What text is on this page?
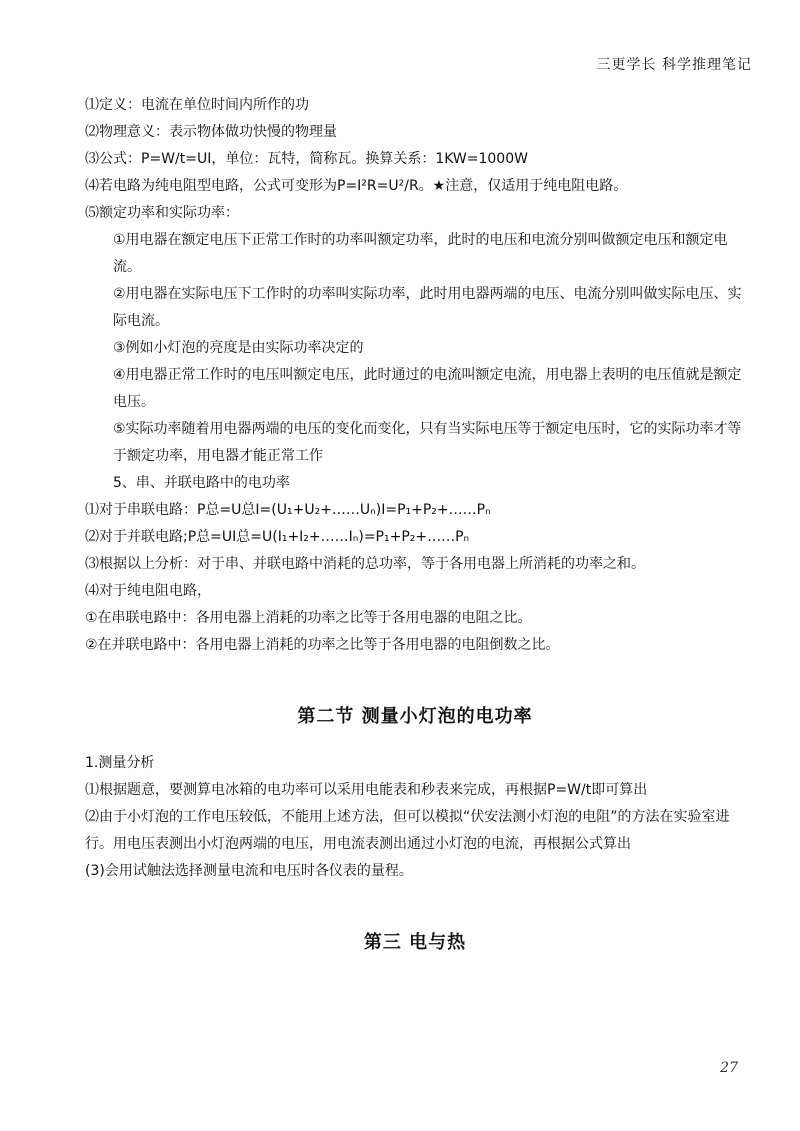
三更学长 科学推理笔记
⑴定义：电流在单位时间内所作的功
⑵物理意义：表示物体做功快慢的物理量
⑶公式：P=W/t=UI，单位：瓦特，简称瓦。换算关系：1KW=1000W
⑷若电路为纯电阻型电路，公式可变形为P=I²R=U²/R。★注意，仅适用于纯电阻电路。
⑸额定功率和实际功率：
①用电器在额定电压下正常工作时的功率叫额定功率，此时的电压和电流分别叫做额定电压和额定电流。
②用电器在实际电压下工作时的功率叫实际功率，此时用电器两端的电压、电流分别叫做实际电压、实际电流。
③例如小灯泡的亮度是由实际功率决定的
④用电器正常工作时的电压叫额定电压，此时通过的电流叫额定电流，用电器上表明的电压值就是额定电压。
⑤实际功率随着用电器两端的电压的变化而变化，只有当实际电压等于额定电压时，它的实际功率才等于额定功率，用电器才能正常工作
5、串、并联电路中的电功率
⑴对于串联电路：P总=U总I=(U₁+U₂+……Uₙ)I=P₁+P₂+……Pₙ
⑵对于并联电路;P总=UI总=U(I₁+I₂+……Iₙ)=P₁+P₂+……Pₙ
⑶根据以上分析：对于串、并联电路中消耗的总功率，等于各用电器上所消耗的功率之和。
⑷对于纯电阻电路，
①在串联电路中：各用电器上消耗的功率之比等于各用电器的电阻之比。
②在并联电路中：各用电器上消耗的功率之比等于各用电器的电阻倒数之比。
第二节 测量小灯泡的电功率
1.测量分析
⑴根据题意，要测算电冰箱的电功率可以采用电能表和秒表来完成，再根据P=W/t即可算出
⑵由于小灯泡的工作电压较低，不能用上述方法，但可以模拟“伏安法测小灯泡的电阻”的方法在实验室进行。用电压表测出小灯泡两端的电压，用电流表测出通过小灯泡的电流，再根据公式算出
(3)会用试触法选择测量电流和电压时各仪表的量程。
第三 电与热
27
